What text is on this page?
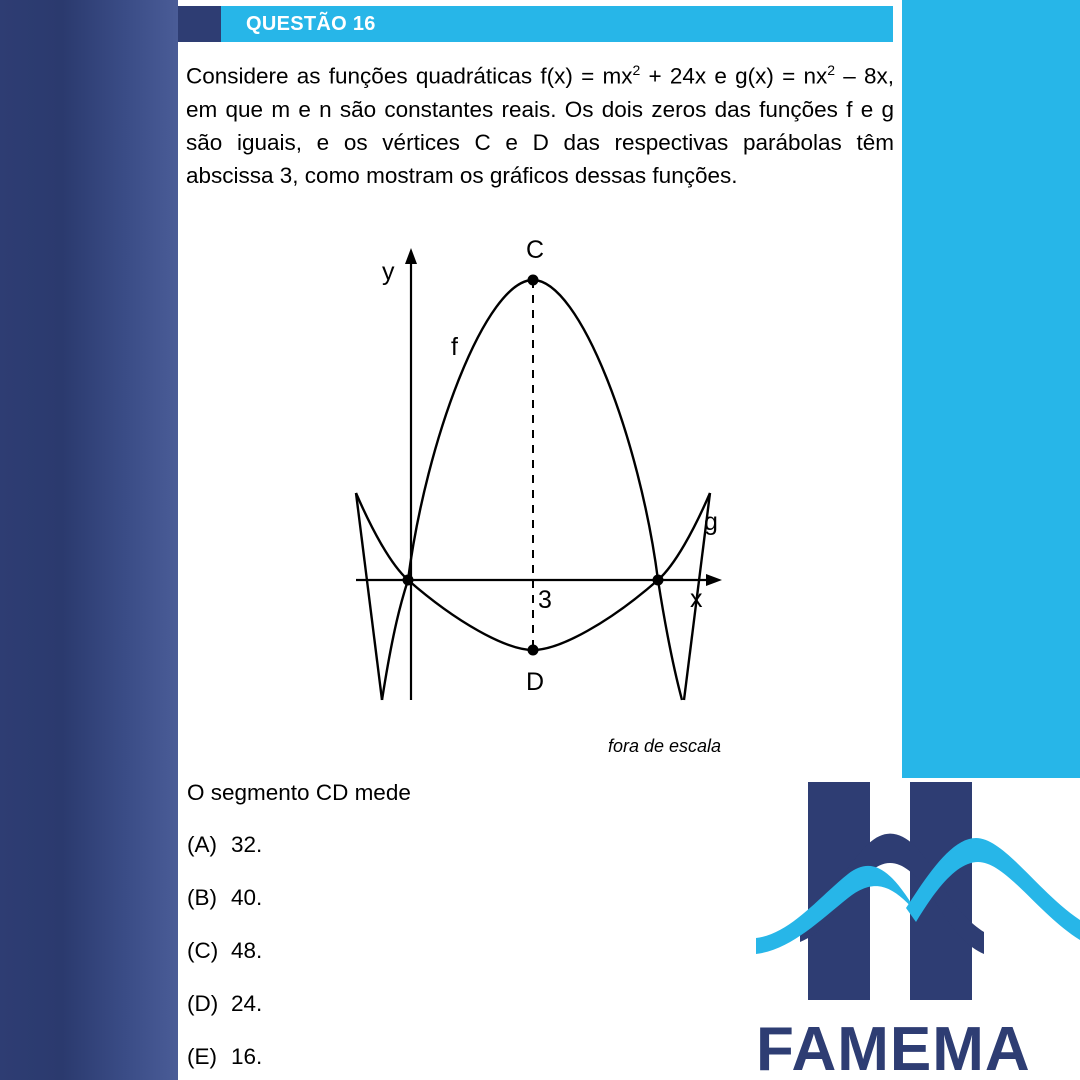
QUESTÃO 16
Considere as funções quadráticas $f(x) = mx^2 + 24x$ e $g(x) = nx^2 - 8x$, em que m e n são constantes reais. Os dois zeros das funções f e g são iguais, e os vértices C e D das respectivas parábolas têm abscissa 3, como mostram os gráficos dessas funções.
C
D
y
x
f
g
3
fora de escala
O segmento CD mede
(A) 32.
(B) 40.
(C) 48.
(D) 24.
(E) 16.	FAMEMA
